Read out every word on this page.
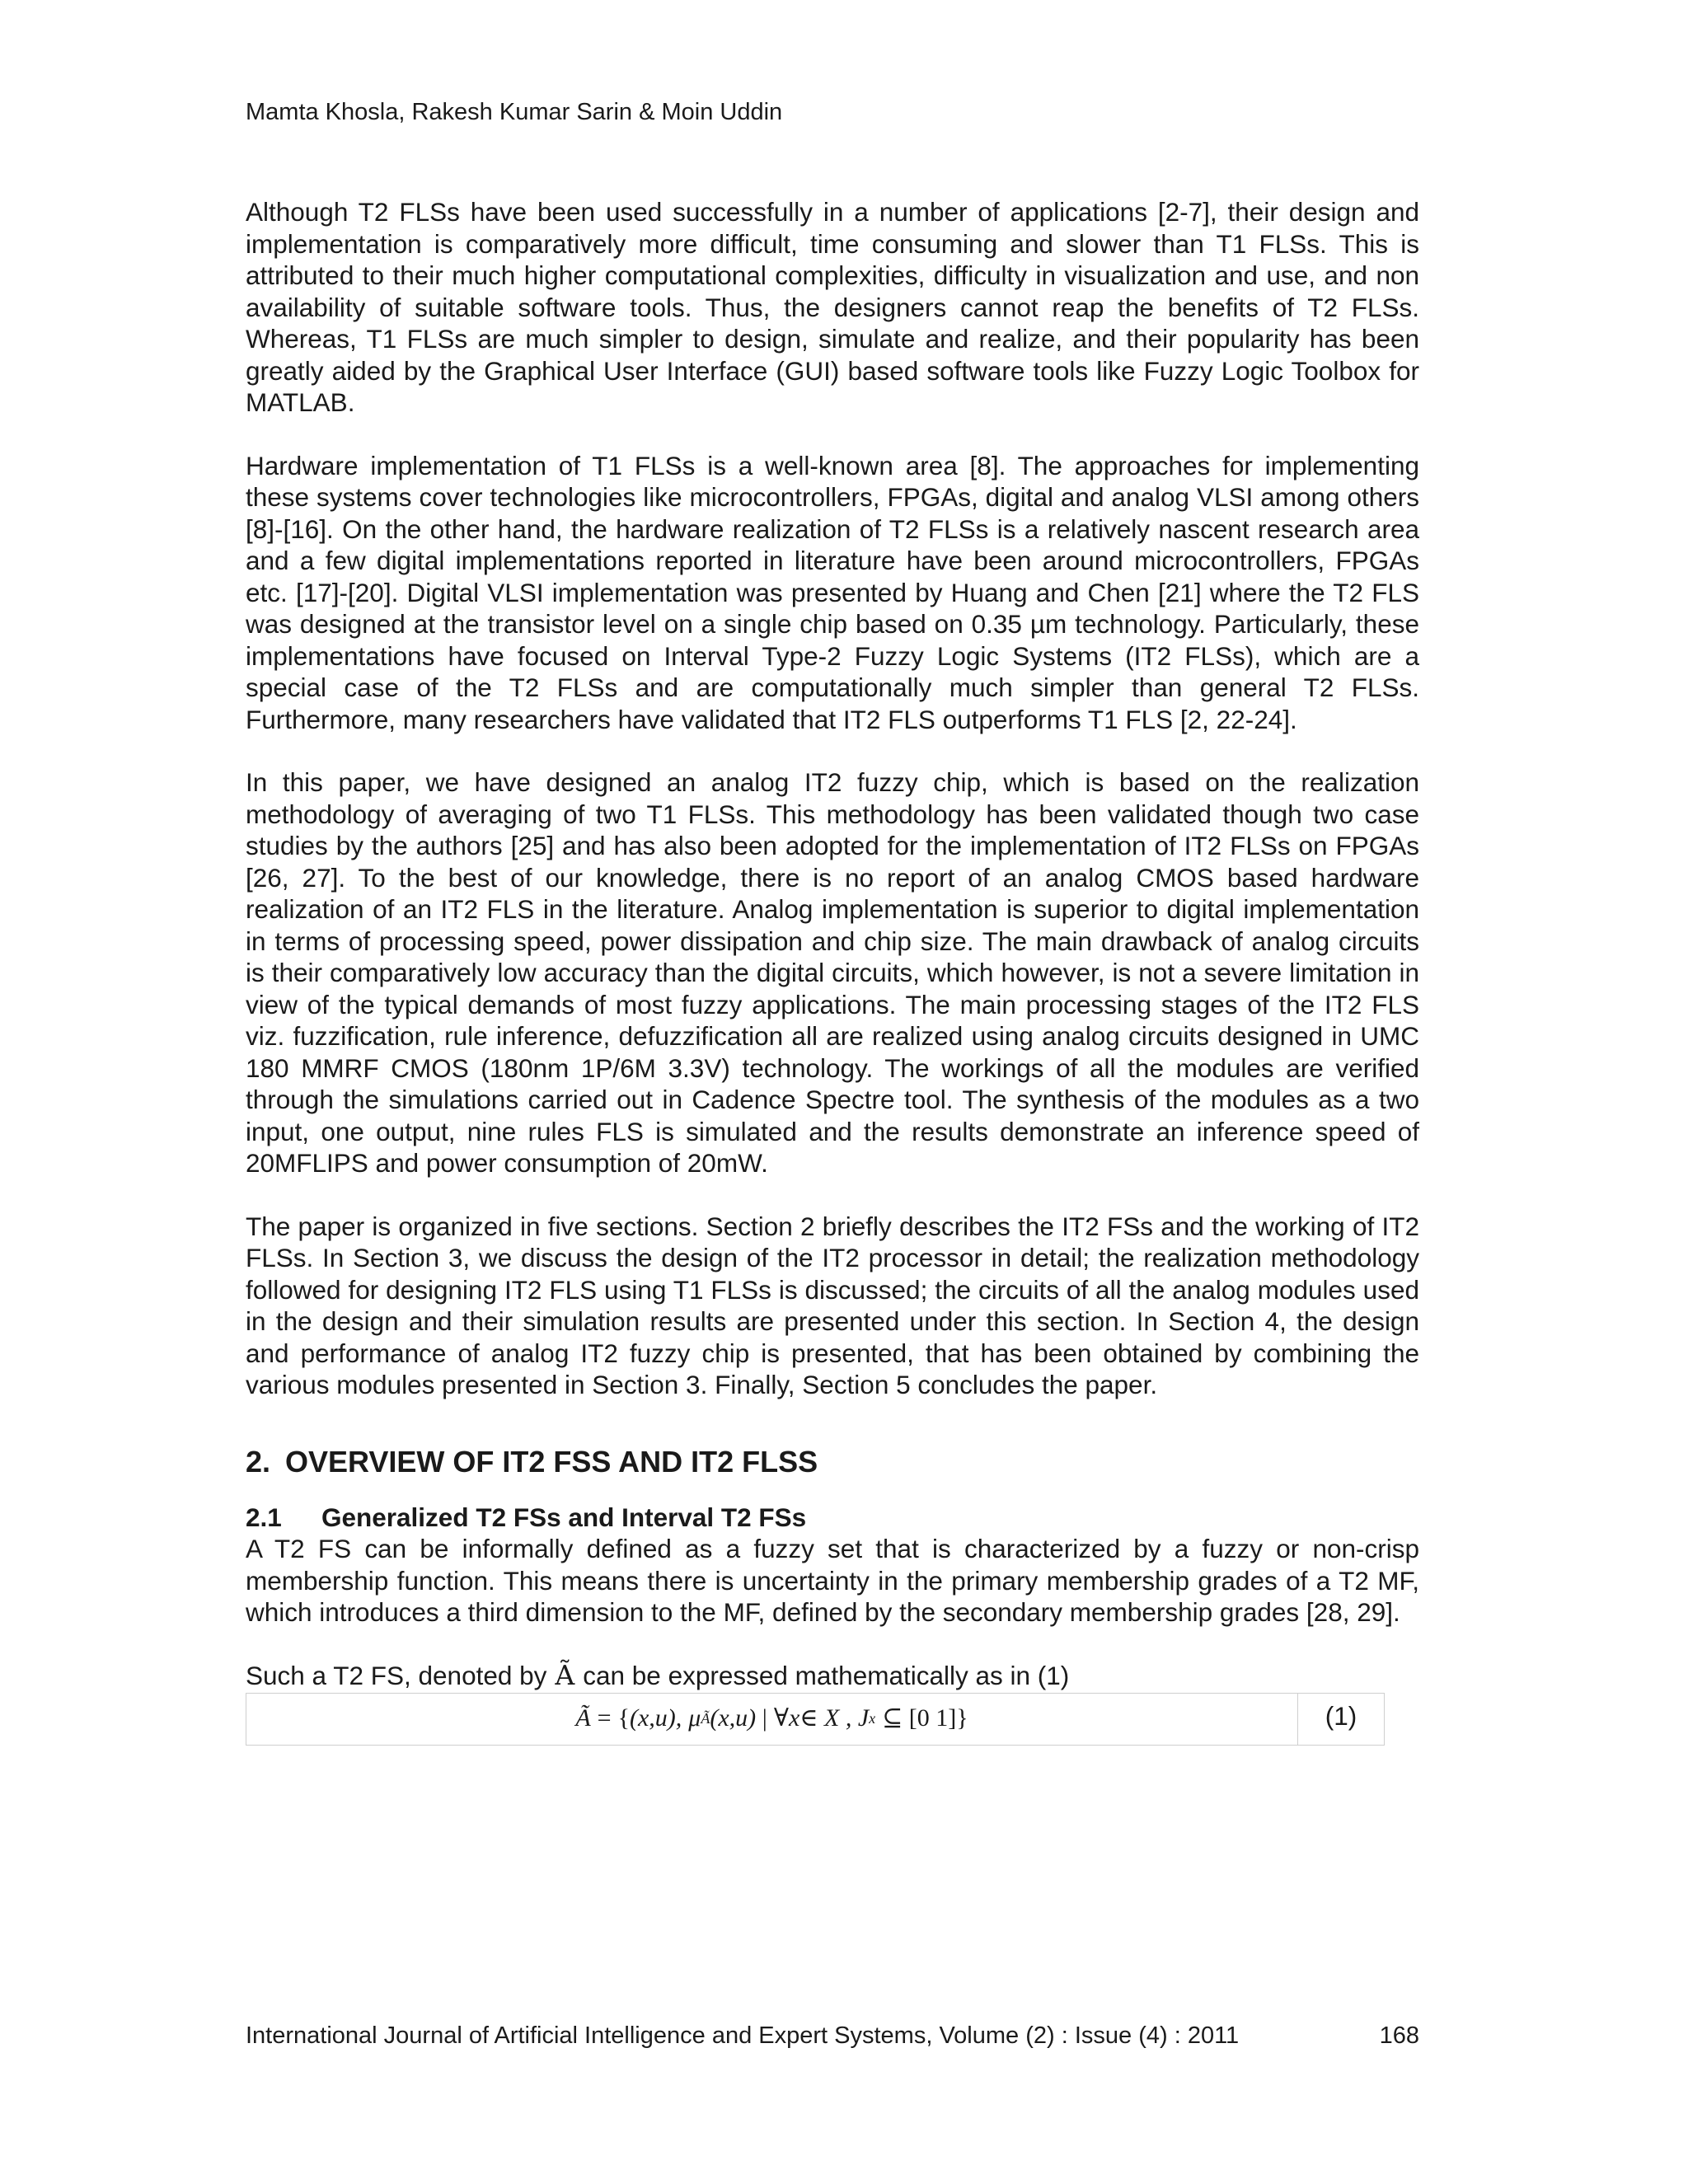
Mamta Khosla, Rakesh Kumar Sarin & Moin Uddin

Although T2 FLSs have been used successfully in a number of applications [2-7], their design and implementation is comparatively more difficult, time consuming and slower than T1 FLSs. This is attributed to their much higher computational complexities, difficulty in visualization and use, and non availability of suitable software tools. Thus, the designers cannot reap the benefits of T2 FLSs. Whereas, T1 FLSs are much simpler to design, simulate and realize, and their popularity has been greatly aided by the Graphical User Interface (GUI) based software tools like Fuzzy Logic Toolbox for MATLAB.

Hardware implementation of T1 FLSs is a well-known area [8]. The approaches for implementing these systems cover technologies like microcontrollers, FPGAs, digital and analog VLSI among others [8]-[16]. On the other hand, the hardware realization of T2 FLSs is a relatively nascent research area and a few digital implementations reported in literature have been around microcontrollers, FPGAs etc. [17]-[20]. Digital VLSI implementation was presented by Huang and Chen [21] where the T2 FLS was designed at the transistor level on a single chip based on 0.35 µm technology. Particularly, these implementations have focused on Interval Type-2 Fuzzy Logic Systems (IT2 FLSs), which are a special case of the T2 FLSs and are computationally much simpler than general T2 FLSs. Furthermore, many researchers have validated that IT2 FLS outperforms T1 FLS [2, 22-24].

In this paper, we have designed an analog IT2 fuzzy chip, which is based on the realization methodology of averaging of two T1 FLSs. This methodology has been validated though two case studies by the authors [25] and has also been adopted for the implementation of IT2 FLSs on FPGAs [26, 27]. To the best of our knowledge, there is no report of an analog CMOS based hardware realization of an IT2 FLS in the literature. Analog implementation is superior to digital implementation in terms of processing speed, power dissipation and chip size. The main drawback of analog circuits is their comparatively low accuracy than the digital circuits, which however, is not a severe limitation in view of the typical demands of most fuzzy applications. The main processing stages of the IT2 FLS viz. fuzzification, rule inference, defuzzification all are realized using analog circuits designed in UMC 180 MMRF CMOS (180nm 1P/6M 3.3V) technology. The workings of all the modules are verified through the simulations carried out in Cadence Spectre tool. The synthesis of the modules as a two input, one output, nine rules FLS is simulated and the results demonstrate an inference speed of 20MFLIPS and power consumption of 20mW.

The paper is organized in five sections. Section 2 briefly describes the IT2 FSs and the working of IT2 FLSs. In Section 3, we discuss the design of the IT2 processor in detail; the realization methodology followed for designing IT2 FLS using T1 FLSs is discussed; the circuits of all the analog modules used in the design and their simulation results are presented under this section. In Section 4, the design and performance of analog IT2 fuzzy chip is presented, that has been obtained by combining the various modules presented in Section 3. Finally, Section 5 concludes the paper.

2. OVERVIEW OF IT2 FSS AND IT2 FLSS
2.1 Generalized T2 FSs and Interval T2 FSs

A T2 FS can be informally defined as a fuzzy set that is characterized by a fuzzy or non-crisp membership function. This means there is uncertainty in the primary membership grades of a T2 MF, which introduces a third dimension to the MF, defined by the secondary membership grades [28, 29].

Such a T2 FS, denoted by Ã can be expressed mathematically as in (1)

Ã = { (x,u), μ Ã (x,u) | ∀x∈ X , J x ⊆ [0 1] }	(1)
International Journal of Artificial Intelligence and Expert Systems, Volume (2) : Issue (4) : 2011	168
